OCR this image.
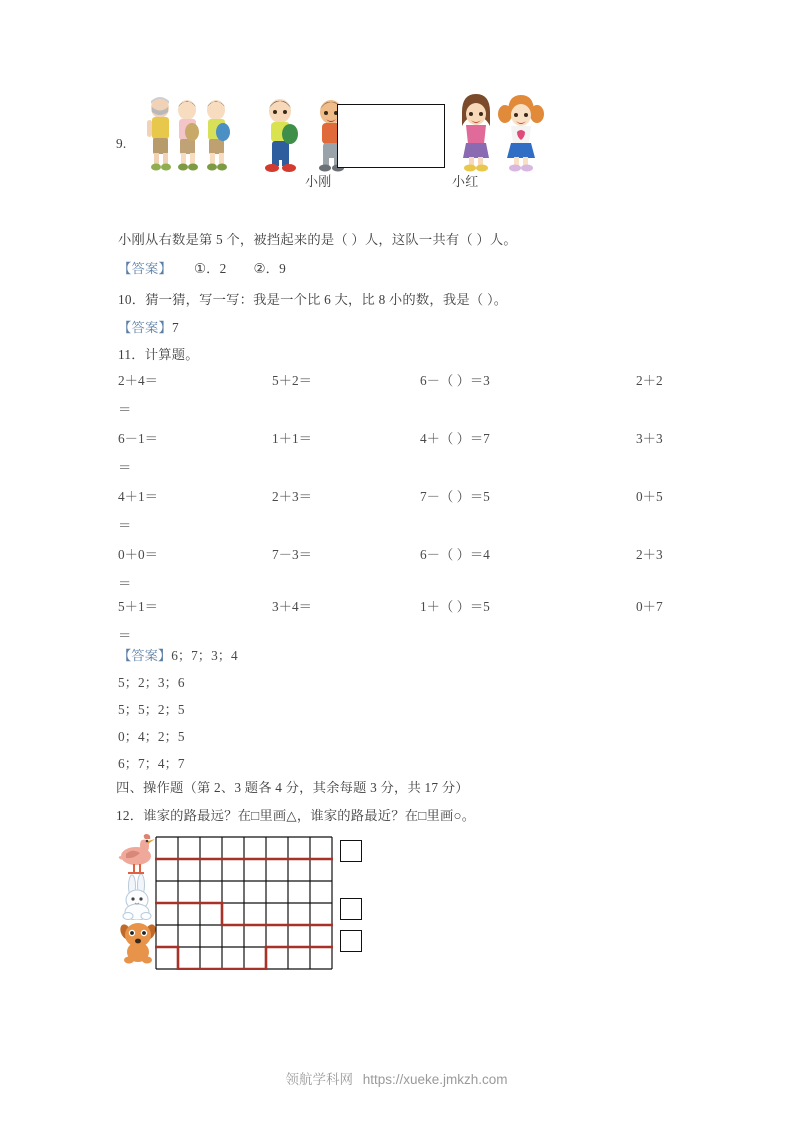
9.
小刚	小红
小刚从右数是第 5 个，被挡起来的是（ ）人，这队一共有（ ）人。
【答案】 ①．2　　②．9
10．猜一猜，写一写：我是一个比 6 大，比 8 小的数，我是（ ）。
【答案】7
11．计算题。
2＋4＝	5＋2＝	6－（ ）＝3	2＋2
＝
6－1＝	1＋1＝	4＋（ ）＝7	3＋3
＝
4＋1＝	2＋3＝	7－（ ）＝5	0＋5
＝
0＋0＝	7－3＝	6－（ ）＝4	2＋3
＝
5＋1＝	3＋4＝	1＋（ ）＝5	0＋7
＝
【答案】6；7；3；4
5；2；3；6
5；5；2；5
0；4；2；5
6；7；4；7
四、操作题（第 2、3 题各 4 分，其余每题 3 分，共 17 分）
12．谁家的路最远？在□里画△，谁家的路最近？在□里画○。
领航学科网 https://xueke.jmkzh.com
